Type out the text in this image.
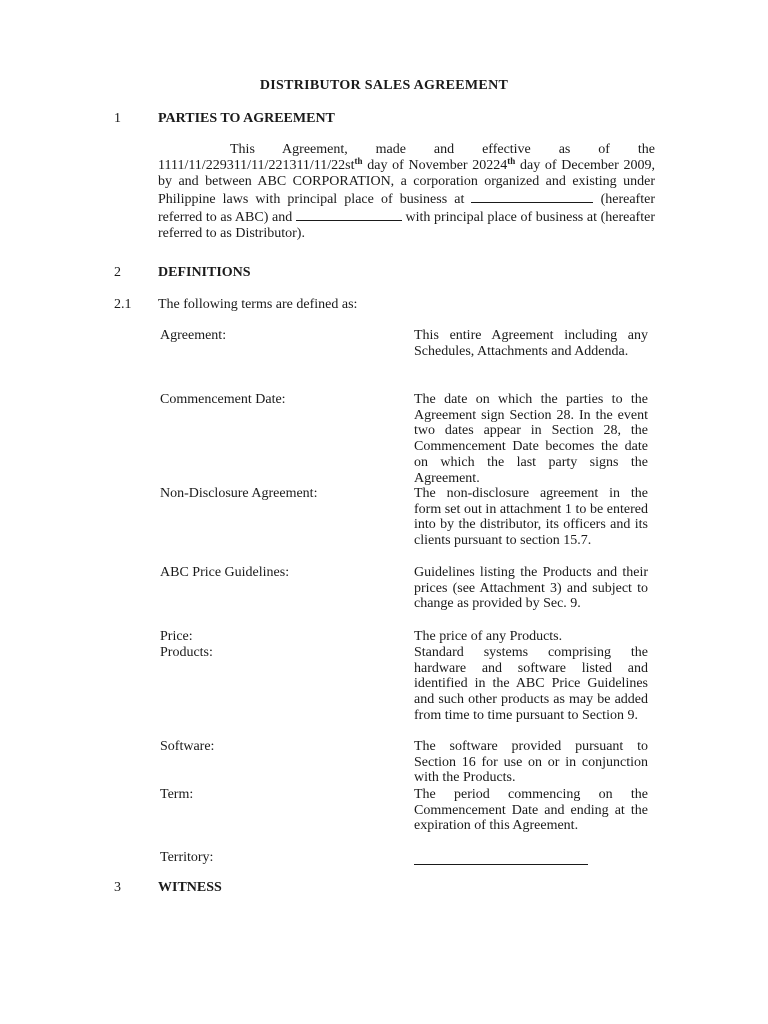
DISTRIBUTOR SALES AGREEMENT
1	PARTIES TO AGREEMENT
This Agreement, made and effective as of the $1111/11/229311/11/221311/11/22st^{th}$ day of November 20224th day of December 2009, by and between ABC CORPORATION, a corporation organized and existing under Philippine laws with principal place of business at	(hereafter referred to as ABC) and	with principal place of business at (hereafter referred to as Distributor).
2	DEFINITIONS
2.1 The following terms are defined as:
Agreement:	This entire Agreement including any Schedules, Attachments and Addenda.
Commencement Date:	The date on which the parties to the Agreement sign Section 28. In the event two dates appear in Section 28, the Commencement Date becomes the date on which the last party signs the Agreement.
Non-Disclosure Agreement:	The non-disclosure agreement in the form set out in attachment 1 to be entered into by the distributor, its officers and its clients pursuant to section 15.7.
ABC Price Guidelines:	Guidelines listing the Products and their prices (see Attachment 3) and subject to change as provided by Sec. 9.
Price:	The price of any Products.
Products:	Standard systems comprising the hardware and software listed and identified in the ABC Price Guidelines and such other products as may be added from time to time pursuant to Section 9.
Software:	The software provided pursuant to Section 16 for use on or in conjunction with the Products.
Term:	The period commencing on the Commencement Date and ending at the expiration of this Agreement.
Territory:
3	WITNESS
